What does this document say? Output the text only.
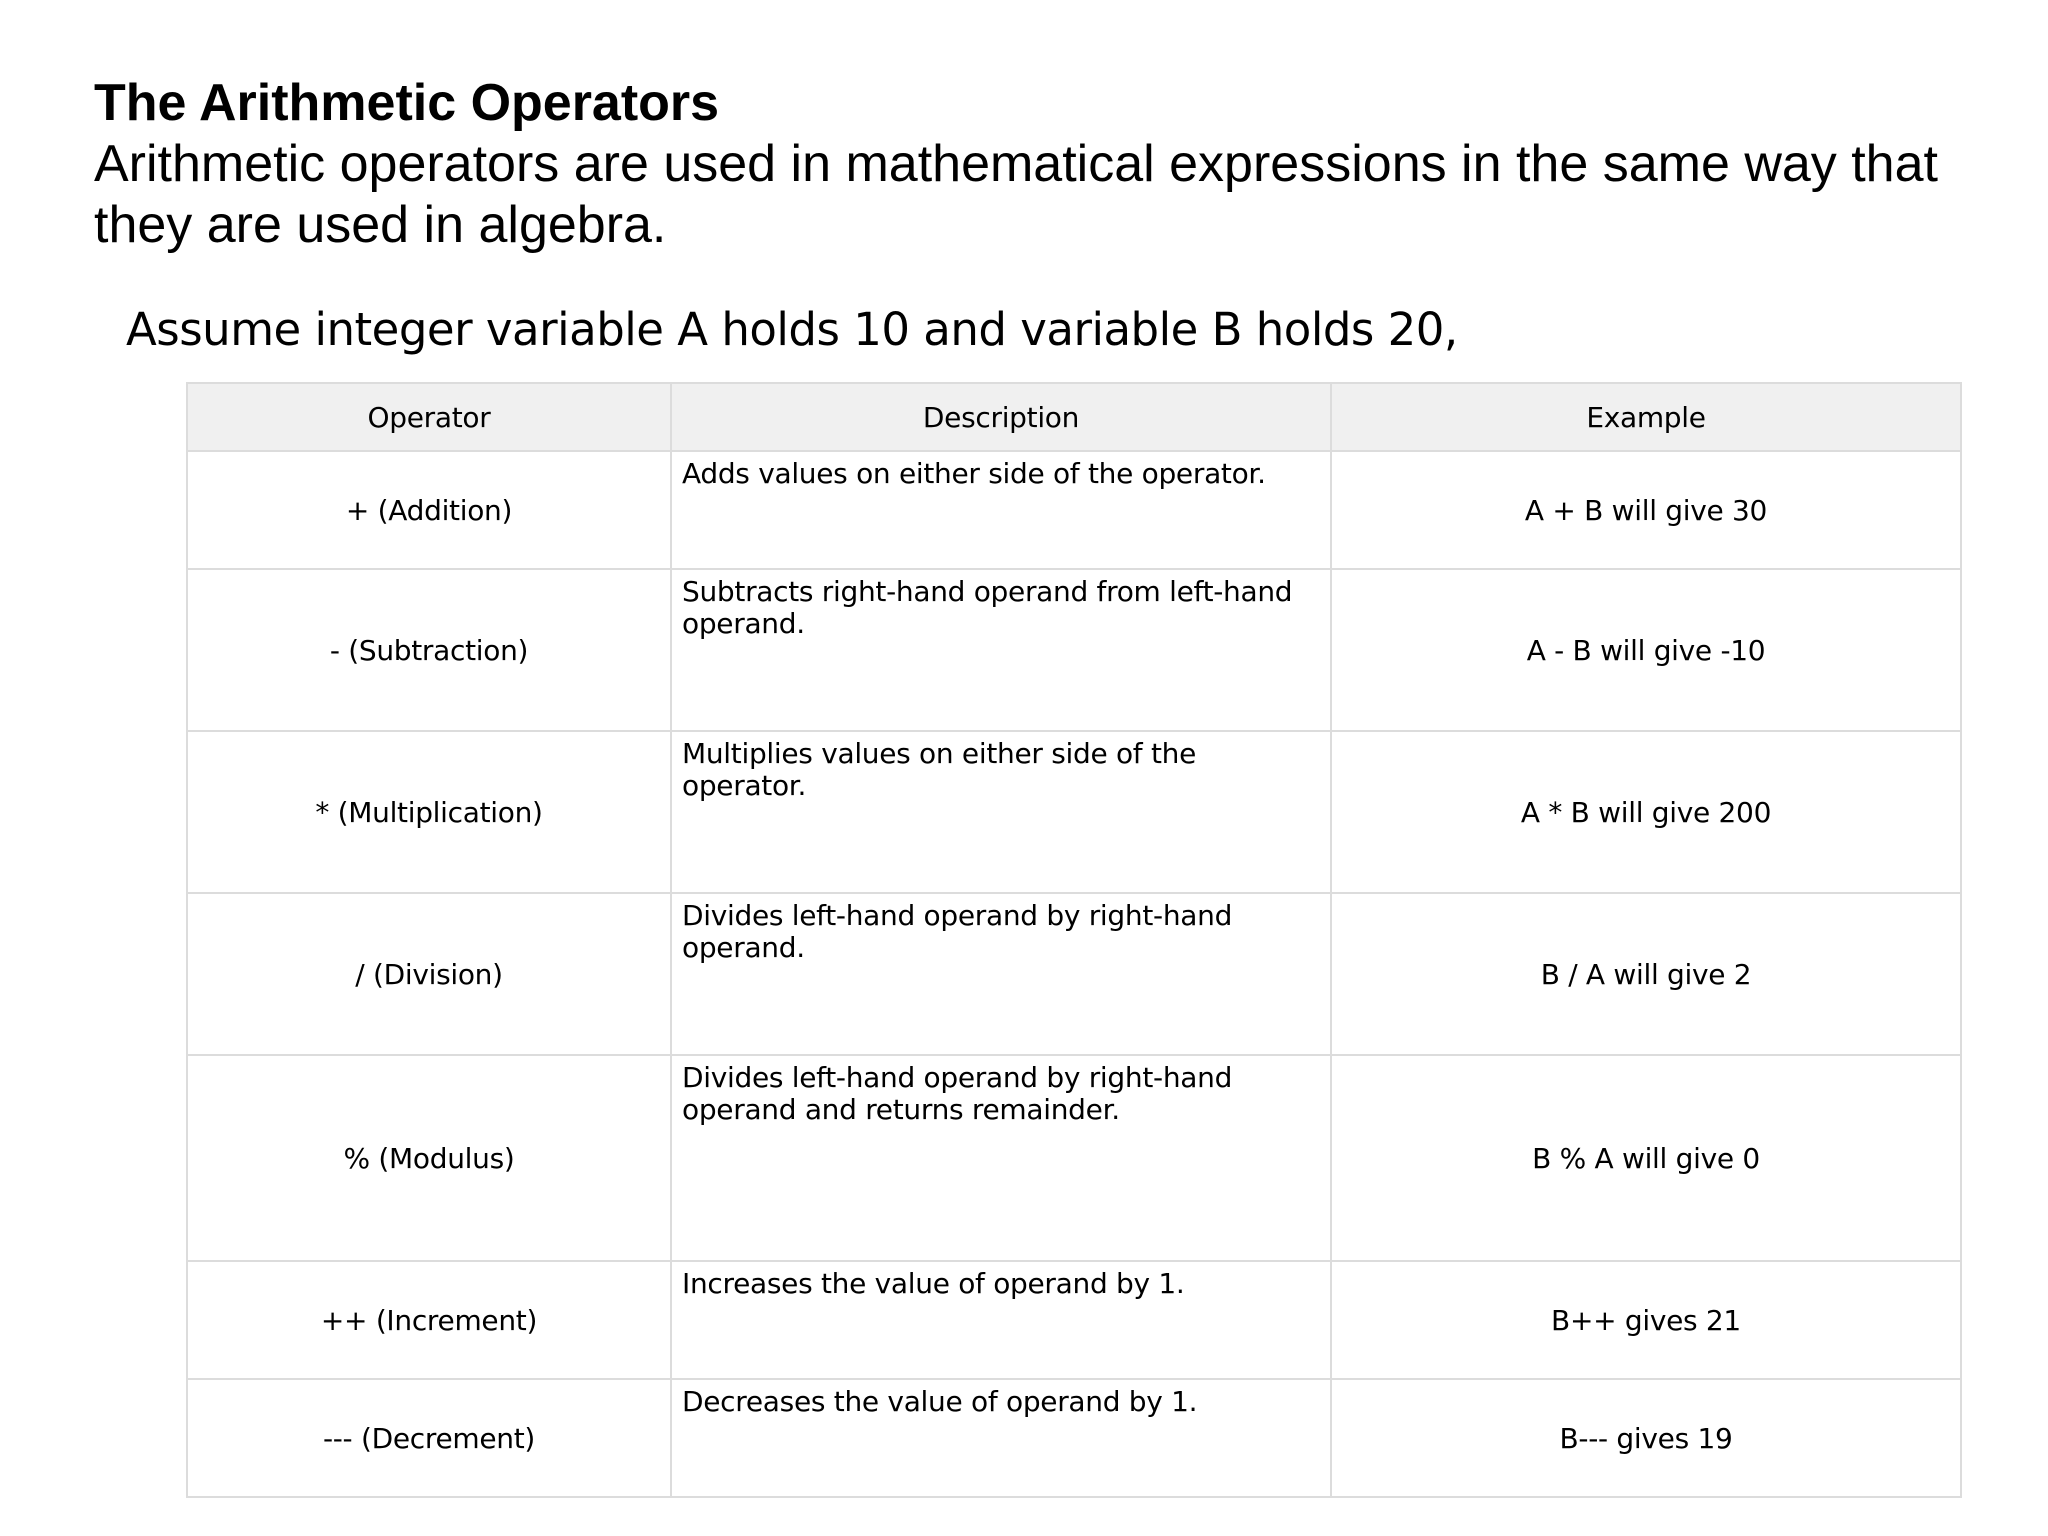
The Arithmetic Operators

Arithmetic operators are used in mathematical expressions in the same way that they are used in algebra.

Assume integer variable A holds 10 and variable B holds 20,

Operator	Description	Example
+ (Addition)	Adds values on either side of the operator.	A + B will give 30
- (Subtraction)	Subtracts right-hand operand from left-hand operand.	A - B will give -10
* (Multiplication)	Multiplies values on either side of the operator.	A * B will give 200
/ (Division)	Divides left-hand operand by right-hand operand.	B / A will give 2
% (Modulus)	Divides left-hand operand by right-hand operand and returns remainder.	B % A will give 0
++ (Increment)	Increases the value of operand by 1.	B++ gives 21
--- (Decrement)	Decreases the value of operand by 1.	B--- gives 19
